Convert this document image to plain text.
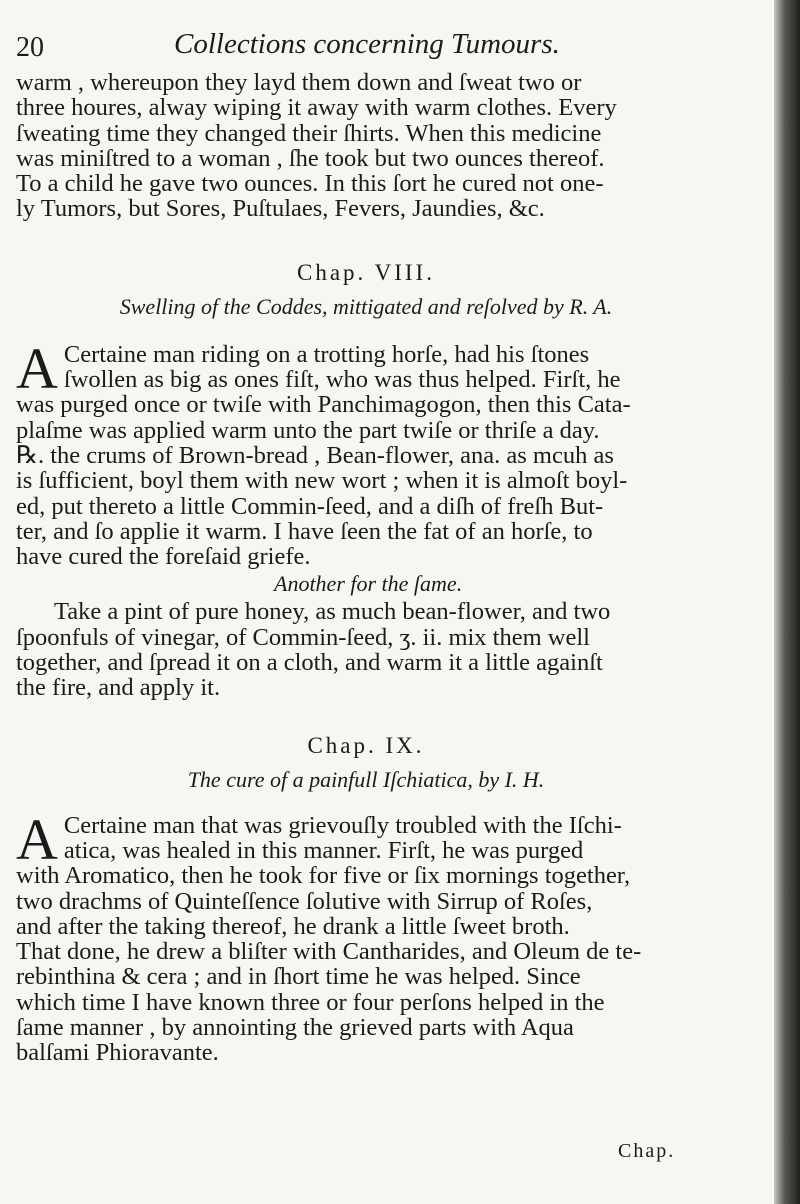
20	Collections concerning Tumours.

warm , whereupon they layd them down and ſweat two or

three houres, alway wiping it away with warm clothes. Every

ſweating time they changed their ſhirts. When this medicine

was miniſtred to a woman , ſhe took but two ounces thereof.

To a child he gave two ounces. In this ſort he cured not one-

ly Tumors, but Sores, Puſtulaes, Fevers, Jaundies, &c.

Chap. VIII.

Swelling of the Coddes, mittigated and reſolved by R. A.

A Certaine man riding on a trotting horſe, had his ſtones

ſwollen as big as ones fiſt, who was thus helped. Firſt, he

was purged once or twiſe with Panchimagogon, then this Cata-

plaſme was applied warm unto the part twiſe or thriſe a day.

℞. the crums of Brown-bread , Bean-flower, ana. as mcuh as

is ſufficient, boyl them with new wort ; when it is almoſt boyl-

ed, put thereto a little Commin-ſeed, and a diſh of freſh But-

ter, and ſo applie it warm. I have ſeen the fat of an horſe, to

have cured the foreſaid griefe.

Another for the ſame.

Take a pint of pure honey, as much bean-flower, and two

ſpoonfuls of vinegar, of Commin-ſeed, ʒ. ii. mix them well

together, and ſpread it on a cloth, and warm it a little againſt

the fire, and apply it.

Chap. IX.

The cure of a painfull Iſchiatica, by I. H.

A Certaine man that was grievouſly troubled with the Iſchi-

atica, was healed in this manner. Firſt, he was purged

with Aromatico, then he took for five or ſix mornings together,

two drachms of Quinteſſence ſolutive with Sirrup of Roſes,

and after the taking thereof, he drank a little ſweet broth.

That done, he drew a bliſter with Cantharides, and Oleum de te-

rebinthina & cera ; and in ſhort time he was helped. Since

which time I have known three or four perſons helped in the

ſame manner , by annointing the grieved parts with Aqua

balſami Phioravante.

Chap.
